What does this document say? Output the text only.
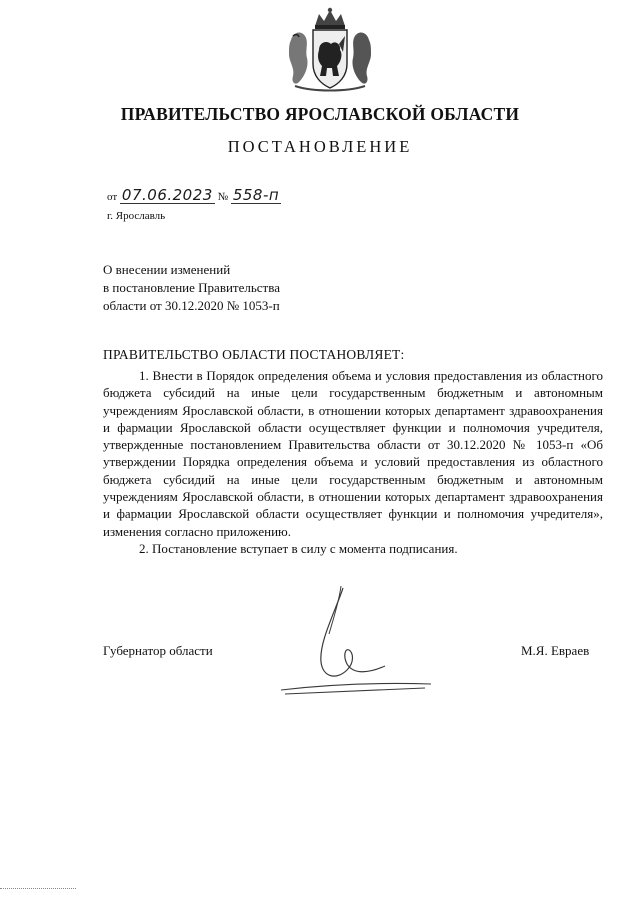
ПРАВИТЕЛЬСТВО ЯРОСЛАВСКОЙ ОБЛАСТИ
ПОСТАНОВЛЕНИЕ
от 07.06.2023 № 558-п
г. Ярославль
О внесении изменений
в постановление Правительства
области от 30.12.2020 № 1053-п
ПРАВИТЕЛЬСТВО ОБЛАСТИ ПОСТАНОВЛЯЕТ:

1. Внести в Порядок определения объема и условия предоставления из областного бюджета субсидий на иные цели государственным бюджетным и автономным учреждениям Ярославской области, в отношении которых департамент здравоохранения и фармации Ярославской области осуществляет функции и полномочия учредителя, утвержденные постановлением Правительства области от 30.12.2020 № 1053-п «Об утверждении Порядка определения объема и условий предоставления из областного бюджета субсидий на иные цели государственным бюджетным и автономным учреждениям Ярославской области, в отношении которых департамент здравоохранения и фармации Ярославской области осуществляет функции и полномочия учредителя», изменения согласно приложению.

2. Постановление вступает в силу с момента подписания.

Губернатор области	М.Я. Евраев
